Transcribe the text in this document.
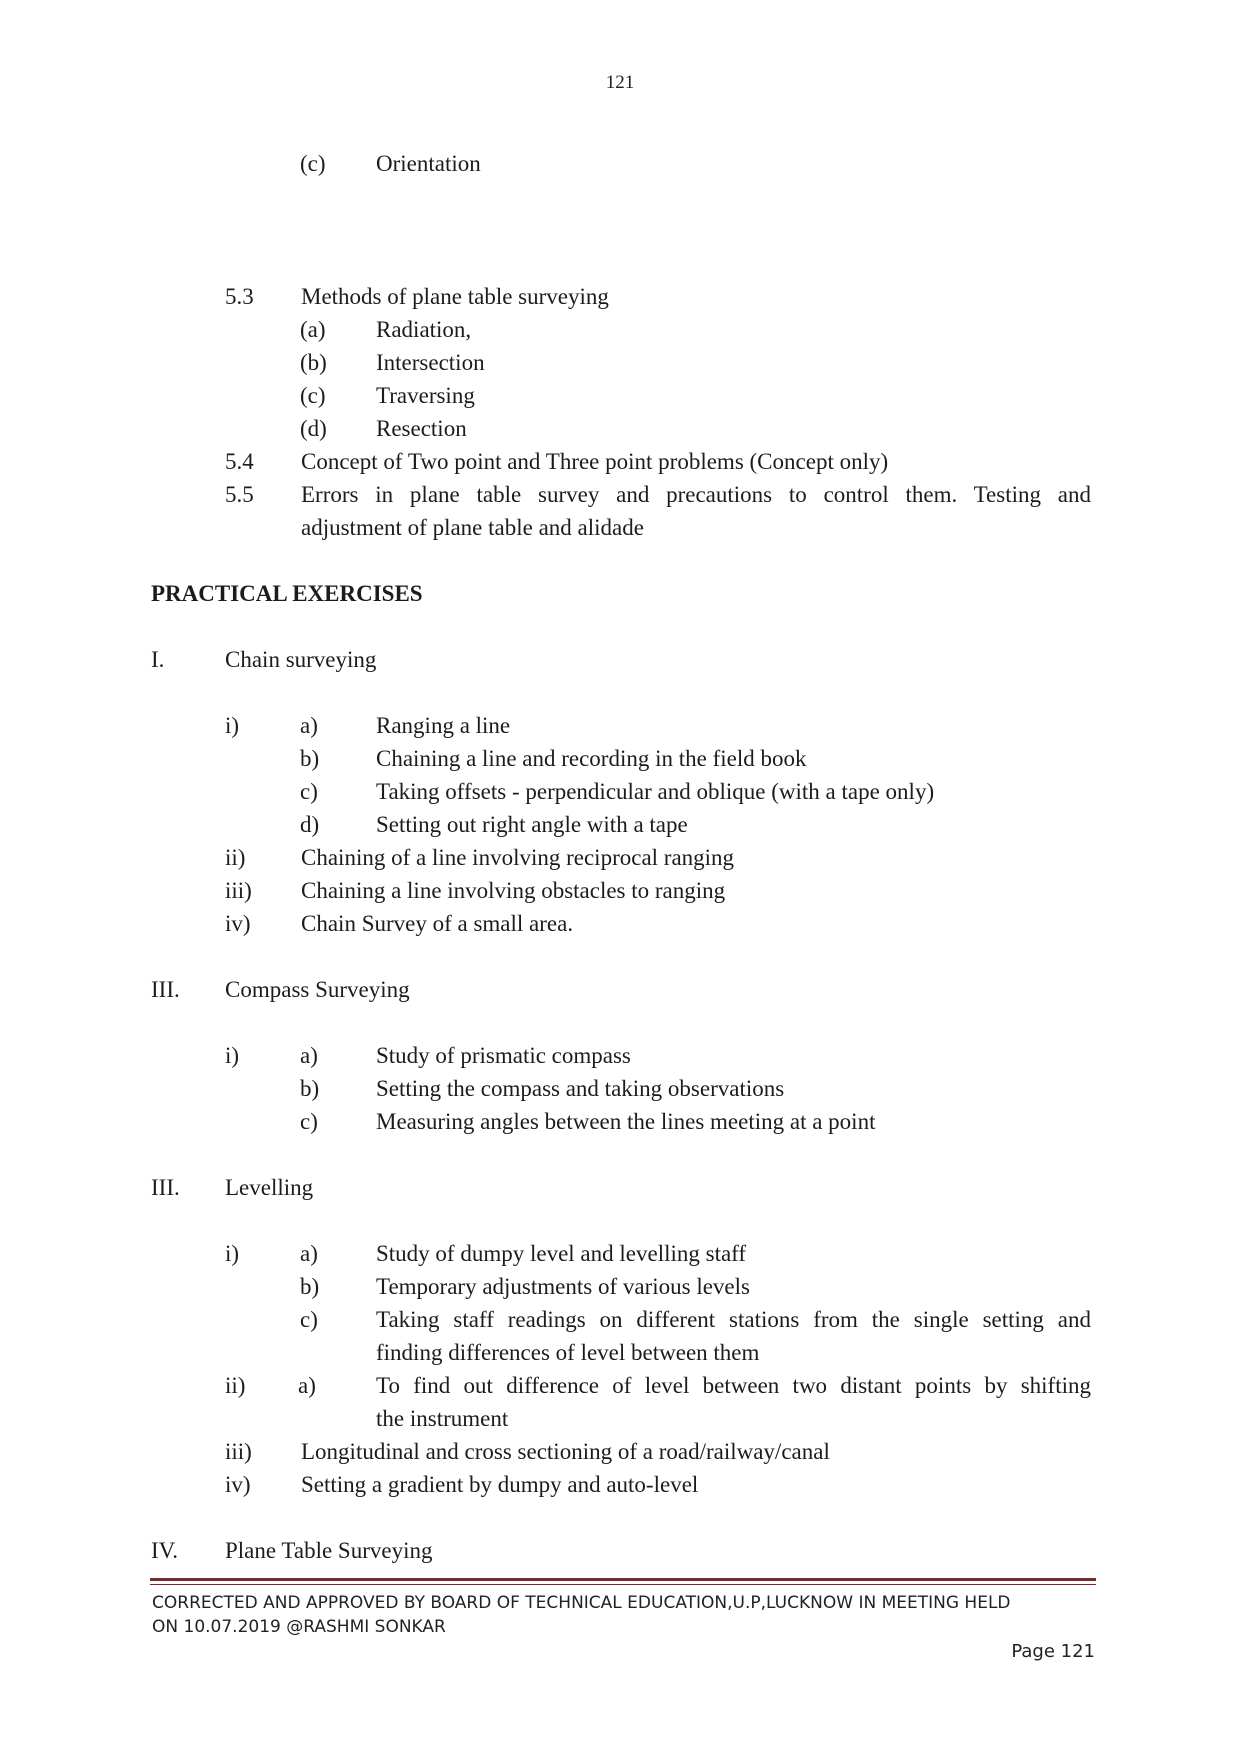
121
(c) Orientation
5.3 Methods of plane table surveying
(a) Radiation,
(b) Intersection
(c) Traversing
(d) Resection
5.4 Concept of Two point and Three point problems (Concept only)
5.5 Errors in plane table survey and precautions to control them. Testing and
adjustment of plane table and alidade
PRACTICAL EXERCISES
I.	Chain surveying
i)	a)	Ranging a line
b) Chaining a line and recording in the field book
c)	Taking offsets - perpendicular and oblique (with a tape only)
d) Setting out right angle with a tape
ii) Chaining of a line involving reciprocal ranging
iii) Chaining a line involving obstacles to ranging
iv) Chain Survey of a small area.
III. Compass Surveying
i)	a)	Study of prismatic compass
b) Setting the compass and taking observations
c)	Measuring angles between the lines meeting at a point
III. Levelling
i)	a)	Study of dumpy level and levelling staff
b) Temporary adjustments of various levels
c)	Taking staff readings on different stations from the single setting and
finding differences of level between them
ii) a)	To find out difference of level between two distant points by shifting
the instrument
iii) Longitudinal and cross sectioning of a road/railway/canal
iv) Setting a gradient by dumpy and auto-level
IV. Plane Table Surveying
CORRECTED AND APPROVED BY BOARD OF TECHNICAL EDUCATION,U.P,LUCKNOW IN MEETING HELD
ON 10.07.2019 @RASHMI SONKAR
Page 121
